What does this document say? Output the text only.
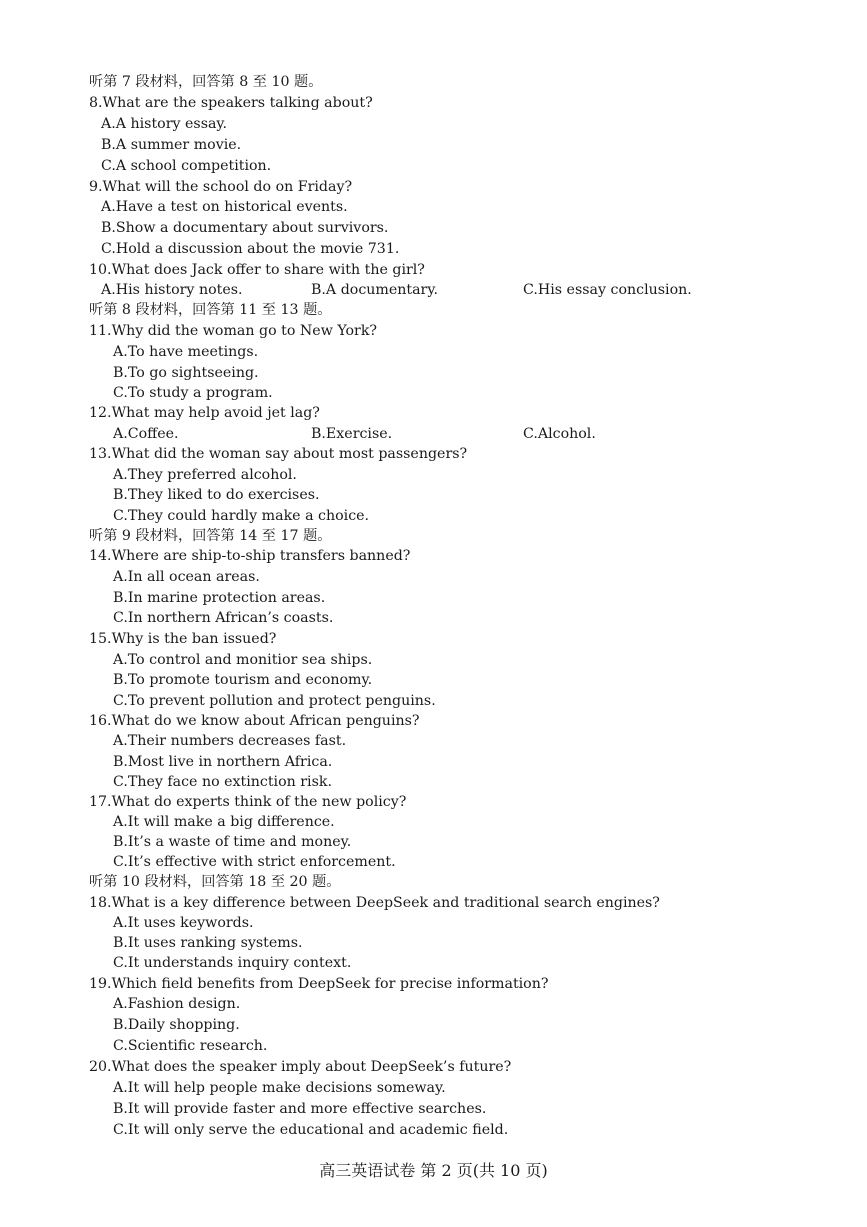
听第 7 段材料，回答第 8 至 10 题。
8.What are the speakers talking about?
A.A history essay.
B.A summer movie.
C.A school competition.
9.What will the school do on Friday?
A.Have a test on historical events.
B.Show a documentary about survivors.
C.Hold a discussion about the movie 731.
10.What does Jack offer to share with the girl?
A.His history notes.	B.A documentary.	C.His essay conclusion.
听第 8 段材料，回答第 11 至 13 题。
11.Why did the woman go to New York?
A.To have meetings.
B.To go sightseeing.
C.To study a program.
12.What may help avoid jet lag?
A.Coffee.	B.Exercise.	C.Alcohol.
13.What did the woman say about most passengers?
A.They preferred alcohol.
B.They liked to do exercises.
C.They could hardly make a choice.
听第 9 段材料，回答第 14 至 17 题。
14.Where are ship-to-ship transfers banned?
A.In all ocean areas.
B.In marine protection areas.
C.In northern African’s coasts.
15.Why is the ban issued?
A.To control and monitior sea ships.
B.To promote tourism and economy.
C.To prevent pollution and protect penguins.
16.What do we know about African penguins?
A.Their numbers decreases fast.
B.Most live in northern Africa.
C.They face no extinction risk.
17.What do experts think of the new policy?
A.It will make a big difference.
B.It’s a waste of time and money.
C.It’s effective with strict enforcement.
听第 10 段材料，回答第 18 至 20 题。
18.What is a key difference between DeepSeek and traditional search engines?
A.It uses keywords.
B.It uses ranking systems.
C.It understands inquiry context.
19.Which field benefits from DeepSeek for precise information?
A.Fashion design.
B.Daily shopping.
C.Scientific research.
20.What does the speaker imply about DeepSeek’s future?
A.It will help people make decisions someway.
B.It will provide faster and more effective searches.
C.It will only serve the educational and academic field.
高三英语试卷 第 2 页(共 10 页)
